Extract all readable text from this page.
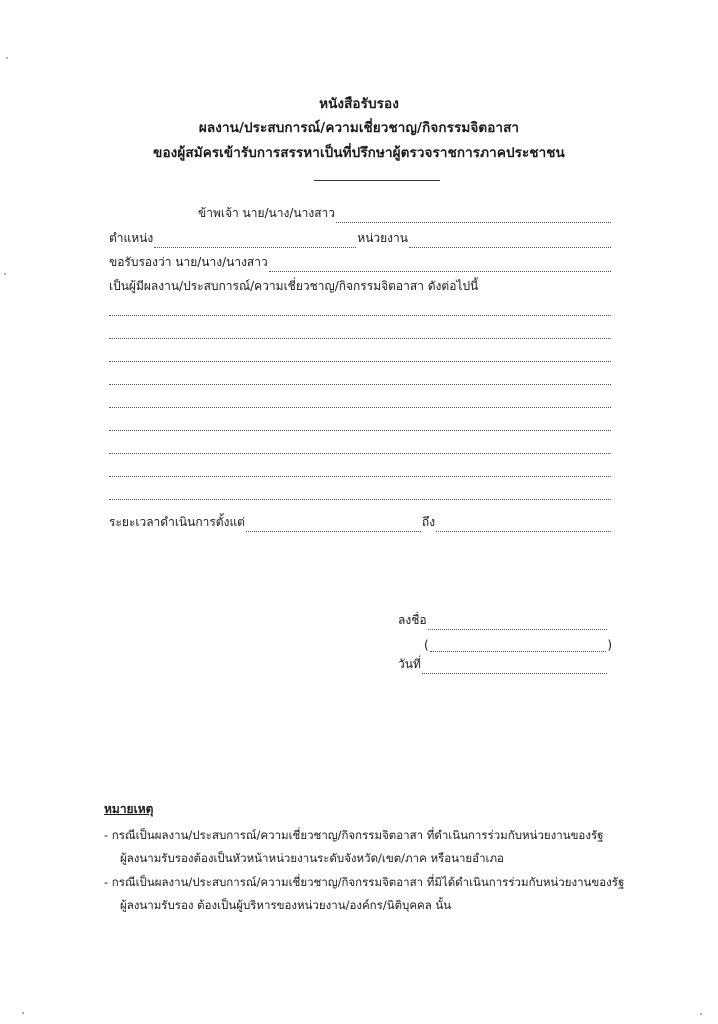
หนังสือรับรอง
ผลงาน/ประสบการณ์/ความเชี่ยวชาญ/กิจกรรมจิตอาสา
ของผู้สมัครเข้ารับการสรรหาเป็นที่ปรึกษาผู้ตรวจราชการภาคประชาชน
ข้าพเจ้า นาย/นาง/นางสาว
ตำแหน่ง	หน่วยงาน
ขอรับรองว่า นาย/นาง/นางสาว
เป็นผู้มีผลงาน/ประสบการณ์/ความเชี่ยวชาญ/กิจกรรมจิตอาสา ดังต่อไปนี้
ระยะเวลาดำเนินการตั้งแต่	ถึง
ลงชื่อ
(	)
วันที่
หมายเหตุ
- กรณีเป็นผลงาน/ประสบการณ์/ความเชี่ยวชาญ/กิจกรรมจิตอาสา ที่ดำเนินการร่วมกับหน่วยงานของรัฐ
ผู้ลงนามรับรองต้องเป็นหัวหน้าหน่วยงานระดับจังหวัด/เขต/ภาค หรือนายอำเภอ
- กรณีเป็นผลงาน/ประสบการณ์/ความเชี่ยวชาญ/กิจกรรมจิตอาสา ที่มิได้ดำเนินการร่วมกับหน่วยงานของรัฐ
ผู้ลงนามรับรอง ต้องเป็นผู้บริหารของหน่วยงาน/องค์กร/นิติบุคคล นั้น
